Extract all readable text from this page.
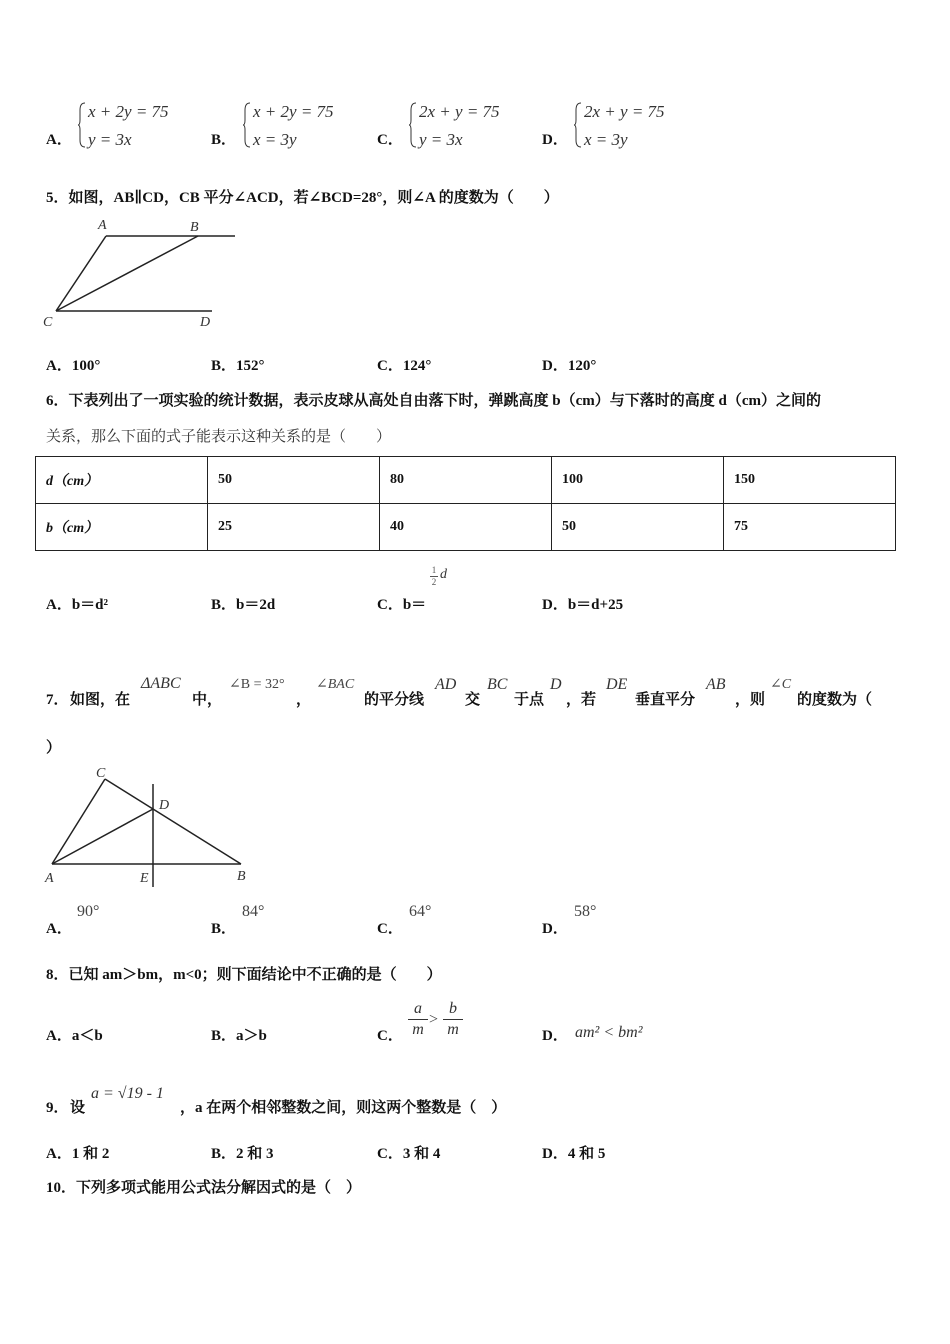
A．
x + 2y = 75
y = 3x	B．
x + 2y = 75
x = 3y	C．
2x + y = 75
y = 3x	D．
2x + y = 75
x = 3y
5．如图，AB∥CD，CB 平分∠ACD，若∠BCD=28°，则∠A 的度数为（　　）
A	B
C	D
A．100°	B．152°	C．124°	D．120°
6．下表列出了一项实验的统计数据，表示皮球从高处自由落下时，弹跳高度 b（cm）与下落时的高度 d（cm）之间的
关系，那么下面的式子能表示这种关系的是（　　）
d（cm）	50	80	100	150
b（cm）	25	40	50	75
A．b＝d²	B．b＝2d	C．b＝
1
2 d
D．b＝d+25
7． 如图，在
ΔABC
中，
∠B = 32°
，
∠BAC
的平分线
AD
交
BC
于点
D
，若
DE
垂直平分
AB
，则
∠C
的度数为（
）
C
D
A	E	B
A．
90°
B．
84°
C．
64°
D．
58°
8．已知 am＞bm，m<0；则下面结论中不正确的是（　　）
A．a＜b	B．a＞b	C．
a
m
>
b
m	D． am² < bm²
9． 设
a = √19 - 1
，a 在两个相邻整数之间，则这两个整数是（　）
A．1 和 2	B．2 和 3	C．3 和 4	D．4 和 5
10．下列多项式能用公式法分解因式的是（　）
